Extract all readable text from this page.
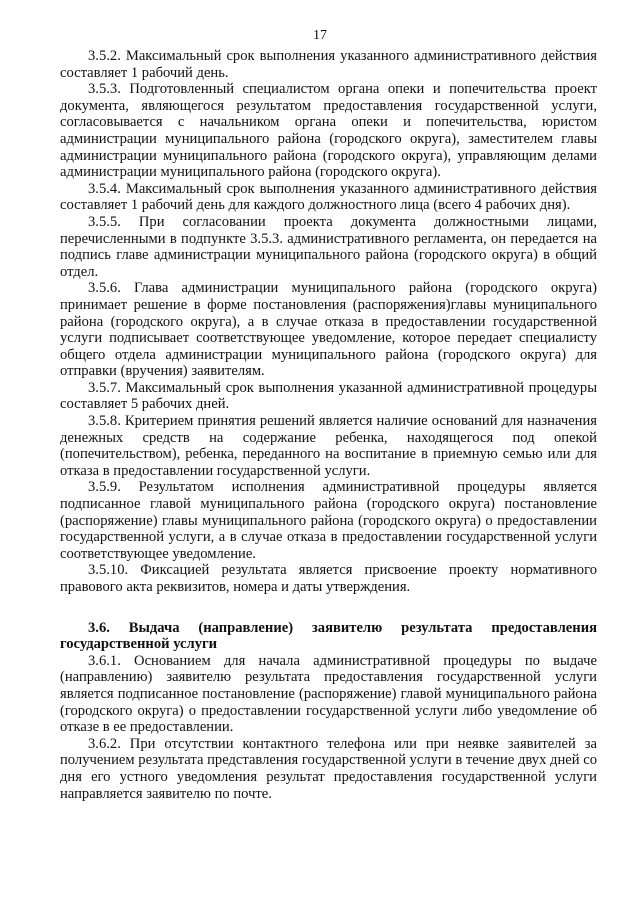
17

3.5.2. Максимальный срок выполнения указанного административного действия составляет 1 рабочий день.

3.5.3. Подготовленный специалистом органа опеки и попечительства проект документа, являющегося результатом предоставления государственной услуги, согласовывается с начальником органа опеки и попечительства, юристом администрации муниципального района (городского округа), заместителем главы администрации муниципального района (городского округа), управляющим делами администрации муниципального района (городского округа).

3.5.4. Максимальный срок выполнения указанного административного действия составляет 1 рабочий день для каждого должностного лица (всего 4 рабочих дня).

3.5.5. При согласовании проекта документа должностными лицами, перечисленными в подпункте 3.5.3. административного регламента, он передается на подпись главе администрации муниципального района (городского округа) в общий отдел.

3.5.6. Глава администрации муниципального района (городского округа) принимает решение в форме постановления (распоряжения)главы муниципального района (городского округа), а в случае отказа в предоставлении государственной услуги подписывает соответствующее уведомление, которое передает специалисту общего отдела администрации муниципального района (городского округа) для отправки (вручения) заявителям.

3.5.7. Максимальный срок выполнения указанной административной процедуры составляет 5 рабочих дней.

3.5.8. Критерием принятия решений является наличие оснований для назначения денежных средств на содержание ребенка, находящегося под опекой (попечительством), ребенка, переданного на воспитание в приемную семью или для отказа в предоставлении государственной услуги.

3.5.9. Результатом исполнения административной процедуры является подписанное главой муниципального района (городского округа) постановление (распоряжение) главы муниципального района (городского округа) о предоставлении государственной услуги, а в случае отказа в предоставлении государственной услуги соответствующее уведомление.

3.5.10. Фиксацией результата является присвоение проекту нормативного правового акта реквизитов, номера и даты утверждения.

3.6. Выдача (направление) заявителю результата предоставления государственной услуги

3.6.1. Основанием для начала административной процедуры по выдаче (направлению) заявителю результата предоставления государственной услуги является подписанное постановление (распоряжение) главой муниципального района (городского округа) о предоставлении государственной услуги либо уведомление об отказе в ее предоставлении.

3.6.2. При отсутствии контактного телефона или при неявке заявителей за получением результата представления государственной услуги в течение двух дней со дня его устного уведомления результат предоставления государственной услуги направляется заявителю по почте.
